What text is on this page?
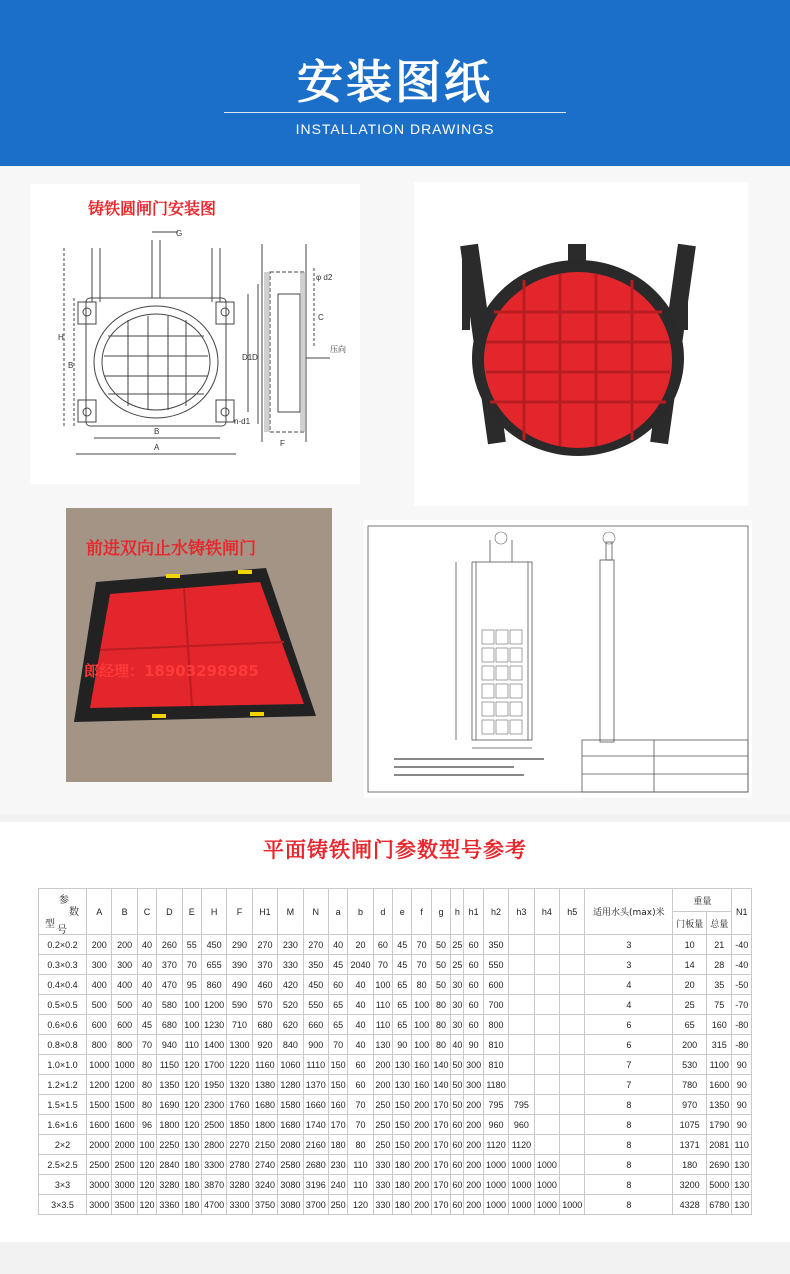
安装图纸
INSTALLATION DRAWINGS
铸铁圆闸门安装图
G
H
B
B
A
n-d1
φ d2
C
D1 D
F
压向
前进双向止水铸铁闸门
郎经理：18903298985
平面铸铁闸门参数型号参考
参
数
型
号	A	B	C	D	E	H	F	H1	M	N	a	b	d	e	f	g	h	h1	h2	h3	h4	h5	适用水头(max)米	重量		N1
																								门板量	总量	
0.2×0.2	200	200	40	260	55	450	290	270	230	270	40	20	60	45	70	50	25	60	350				3	10	21	-40
0.3×0.3	300	300	40	370	70	655	390	370	330	350	45	2040	70	45	70	50	25	60	550				3	14	28	-40
0.4×0.4	400	400	40	470	95	860	490	460	420	450	60	40	100	65	80	50	30	60	600				4	20	35	-50
0.5×0.5	500	500	40	580	100	1200	590	570	520	550	65	40	110	65	100	80	30	60	700				4	25	75	-70
0.6×0.6	600	600	45	680	100	1230	710	680	620	660	65	40	110	65	100	80	30	60	800				6	65	160	-80
0.8×0.8	800	800	70	940	110	1400	1300	920	840	900	70	40	130	90	100	80	40	90	810				6	200	315	-80
1.0×1.0	1000	1000	80	1150	120	1700	1220	1160	1060	1110	150	60	200	130	160	140	50	300	810				7	530	1100	90
1.2×1.2	1200	1200	80	1350	120	1950	1320	1380	1280	1370	150	60	200	130	160	140	50	300	1180				7	780	1600	90
1.5×1.5	1500	1500	80	1690	120	2300	1760	1680	1580	1660	160	70	250	150	200	170	50	200	795	795			8	970	1350	90
1.6×1.6	1600	1600	96	1800	120	2500	1850	1800	1680	1740	170	70	250	150	200	170	60	200	960	960			8	1075	1790	90
2×2	2000	2000	100	2250	130	2800	2270	2150	2080	2160	180	80	250	150	200	170	60	200	1120	1120			8	1371	2081	110
2.5×2.5	2500	2500	120	2840	180	3300	2780	2740	2580	2680	230	110	330	180	200	170	60	200	1000	1000	1000		8	180	2690	130
3×3	3000	3000	120	3280	180	3870	3280	3240	3080	3196	240	110	330	180	200	170	60	200	1000	1000	1000		8	3200	5000	130
3×3.5	3000	3500	120	3360	180	4700	3300	3750	3080	3700	250	120	330	180	200	170	60	200	1000	1000	1000	1000	8	4328	6780	130
